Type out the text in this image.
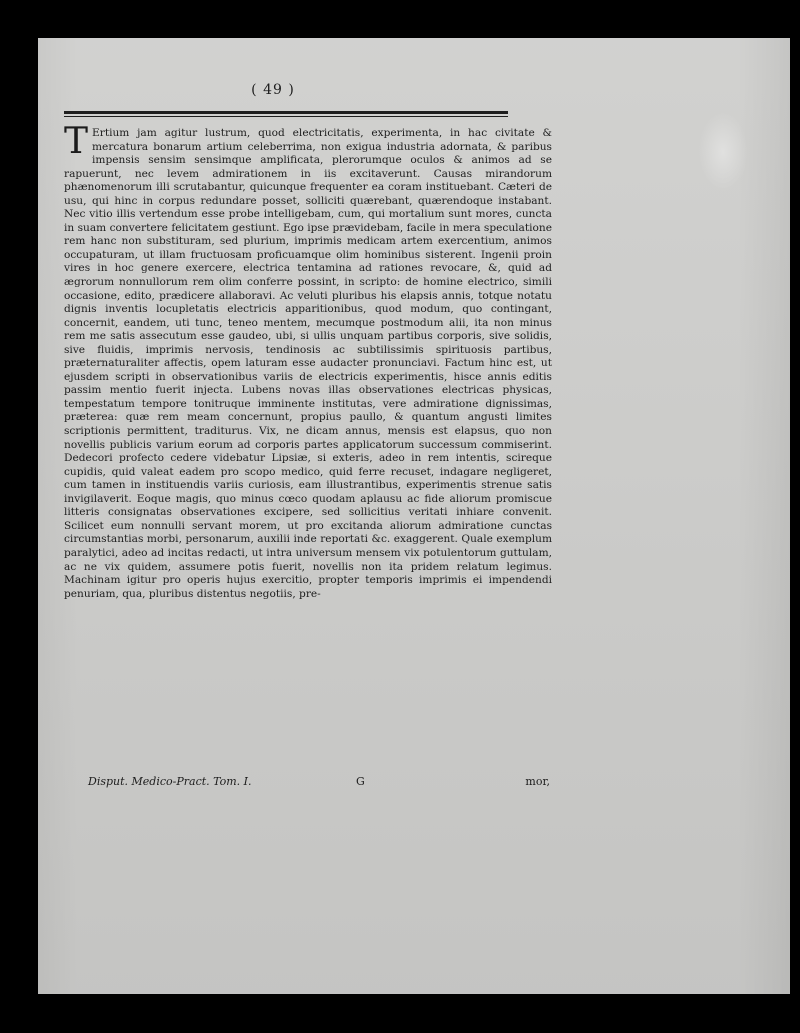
( 49 )
T Ertium jam agitur lustrum, quod electricitatis, experimenta, in hac civitate & mercatura bonarum artium celeberrima, non exigua industria adornata, & paribus impensis sensim sensimque amplificata, plerorumque oculos & animos ad se rapuerunt, nec levem admirationem in iis excitaverunt. Causas mirandorum phænomenorum illi scrutabantur, quicunque frequenter ea coram instituebant. Cæteri de usu, qui hinc in corpus redundare posset, solliciti quærebant, quærendoque instabant. Nec vitio illis vertendum esse probe intelligebam, cum, qui mortalium sunt mores, cuncta in suam convertere felicitatem gestiunt. Ego ipse prævidebam, facile in mera speculatione rem hanc non substituram, sed plurium, imprimis medicam artem exercentium, animos occupaturam, ut illam fructuosam proficuamque olim hominibus sisterent. Ingenii proin vires in hoc genere exercere, electrica tentamina ad rationes revocare, &, quid ad ægrorum nonnullorum rem olim conferre possint, in scripto: de homine electrico, simili occasione, edito, prædicere allaboravi. Ac veluti pluribus his elapsis annis, totque notatu dignis inventis locupletatis electricis apparitionibus, quod modum, quo contingant, concernit, eandem, uti tunc, teneo mentem, mecumque postmodum alii, ita non minus rem me satis assecutum esse gaudeo, ubi, si ullis unquam partibus corporis, sive solidis, sive fluidis, imprimis nervosis, tendinosis ac subtilissimis spirituosis partibus, præternaturaliter affectis, opem laturam esse audacter pronunciavi. Factum hinc est, ut ejusdem scripti in observationibus variis de electricis experimentis, hisce annis editis passim mentio fuerit injecta. Lubens novas illas observationes electricas physicas, tempestatum tempore tonitruque imminente institutas, vere admiratione dignissimas, præterea: quæ rem meam concernunt, propius paullo, & quantum angusti limites scriptionis permittent, traditurus. Vix, ne dicam annus, mensis est elapsus, quo non novellis publicis varium eorum ad corporis partes applicatorum successum commiserint. Dedecori profecto cedere videbatur Lipsiæ, si exteris, adeo in rem intentis, scireque cupidis, quid valeat eadem pro scopo medico, quid ferre recuset, indagare negligeret, cum tamen in instituendis variis curiosis, eam illustrantibus, experimentis strenue satis invigilaverit. Eoque magis, quo minus cœco quodam aplausu ac fide aliorum promiscue litteris consignatas observationes excipere, sed sollicitius veritati inhiare convenit. Scilicet eum nonnulli servant morem, ut pro excitanda aliorum admiratione cunctas circumstantias morbi, personarum, auxilii inde reportati &c. exaggerent. Quale exemplum paralytici, adeo ad incitas redacti, ut intra universum mensem vix potulentorum guttulam, ac ne vix quidem, assumere potis fuerit, novellis non ita pridem relatum legimus. Machinam igitur pro operis hujus exercitio, propter temporis imprimis ei impendendi penuriam, qua, pluribus distentus negotiis, pre-
Disput. Medico-Pract. Tom. I.	G	mor,
